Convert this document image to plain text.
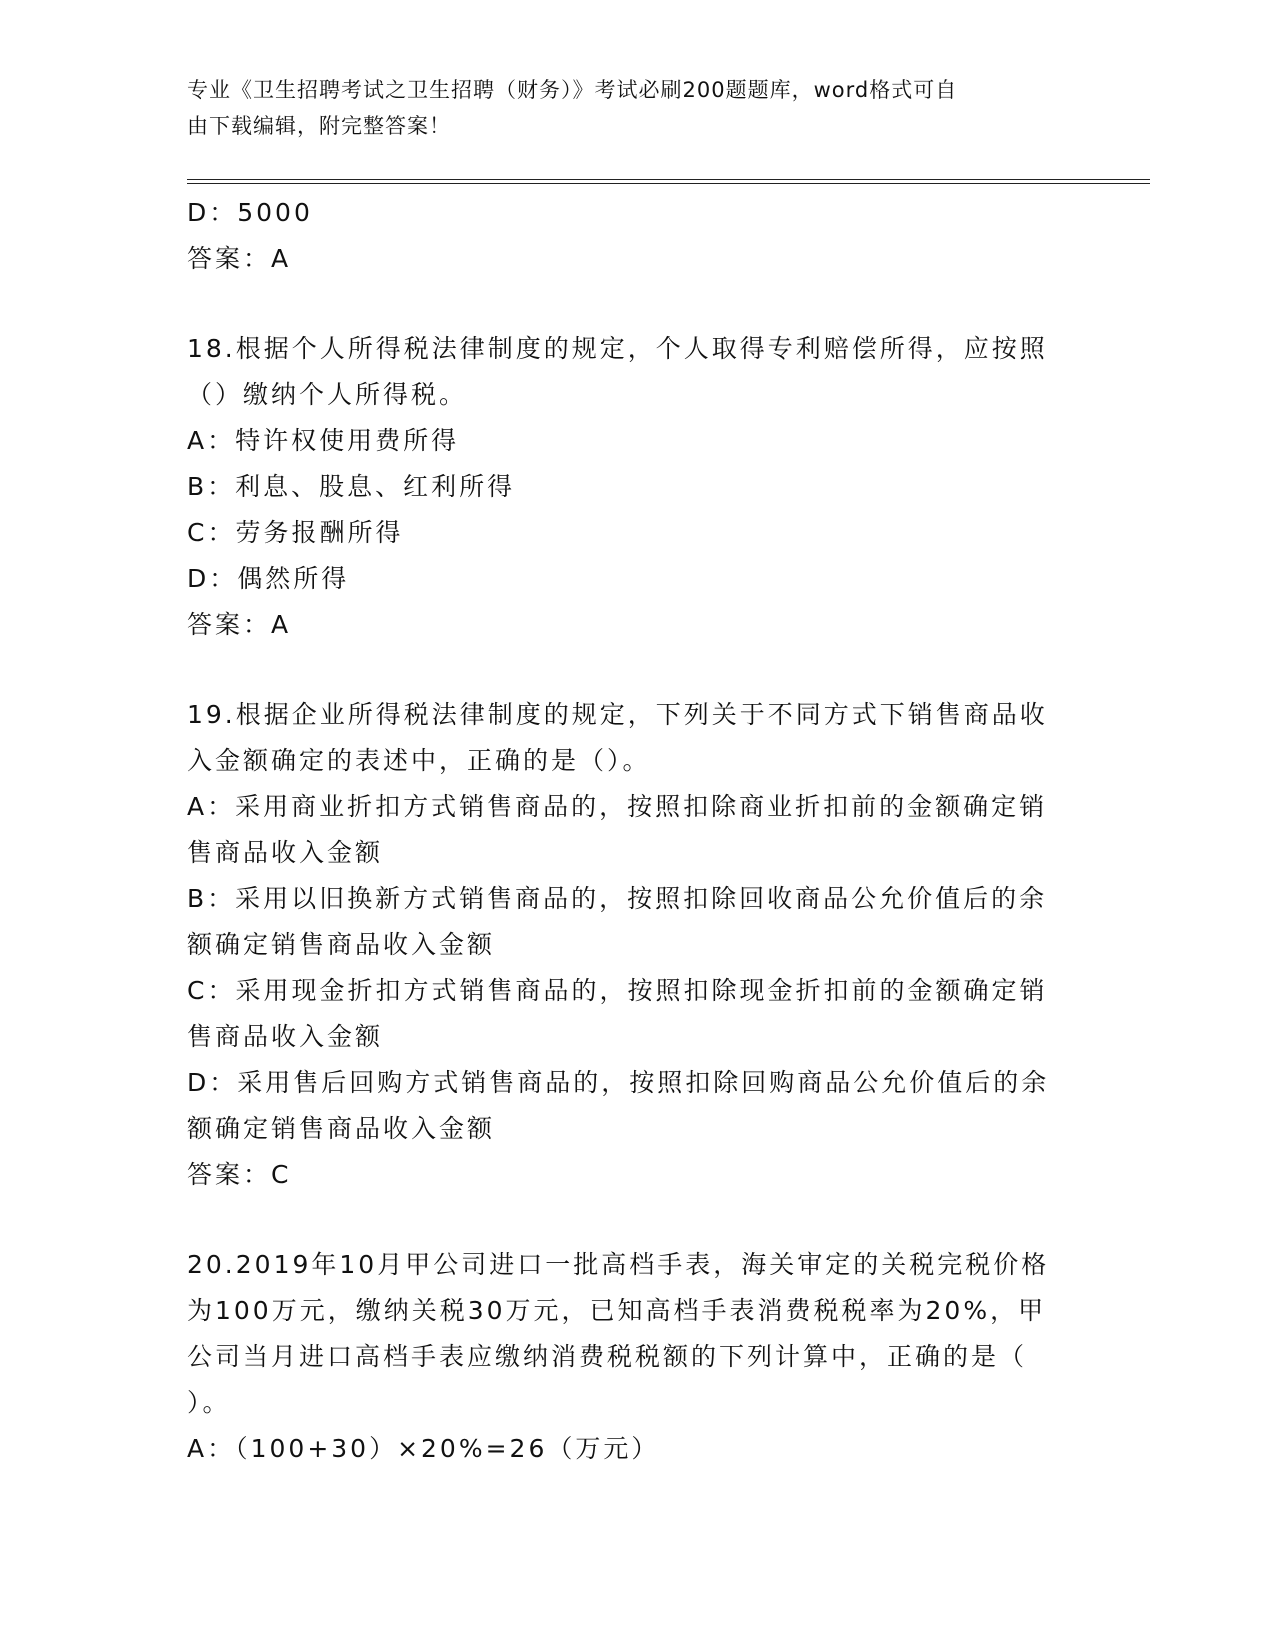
专业《卫生招聘考试之卫生招聘（财务）》考试必刷200题题库，word格式可自
由下载编辑，附完整答案！
D：5000
答案：A
18.根据个人所得税法律制度的规定，个人取得专利赔偿所得，应按照
（）缴纳个人所得税。
A：特许权使用费所得
B：利息、股息、红利所得
C：劳务报酬所得
D：偶然所得
答案：A
19.根据企业所得税法律制度的规定，下列关于不同方式下销售商品收
入金额确定的表述中，正确的是（）。
A：采用商业折扣方式销售商品的，按照扣除商业折扣前的金额确定销
售商品收入金额
B：采用以旧换新方式销售商品的，按照扣除回收商品公允价值后的余
额确定销售商品收入金额
C：采用现金折扣方式销售商品的，按照扣除现金折扣前的金额确定销
售商品收入金额
D：采用售后回购方式销售商品的，按照扣除回购商品公允价值后的余
额确定销售商品收入金额
答案：C
20.2019年10月甲公司进口一批高档手表，海关审定的关税完税价格
为100万元，缴纳关税30万元，已知高档手表消费税税率为20%，甲
公司当月进口高档手表应缴纳消费税税额的下列计算中，正确的是（
）。
A：（100+30）×20%=26（万元）
